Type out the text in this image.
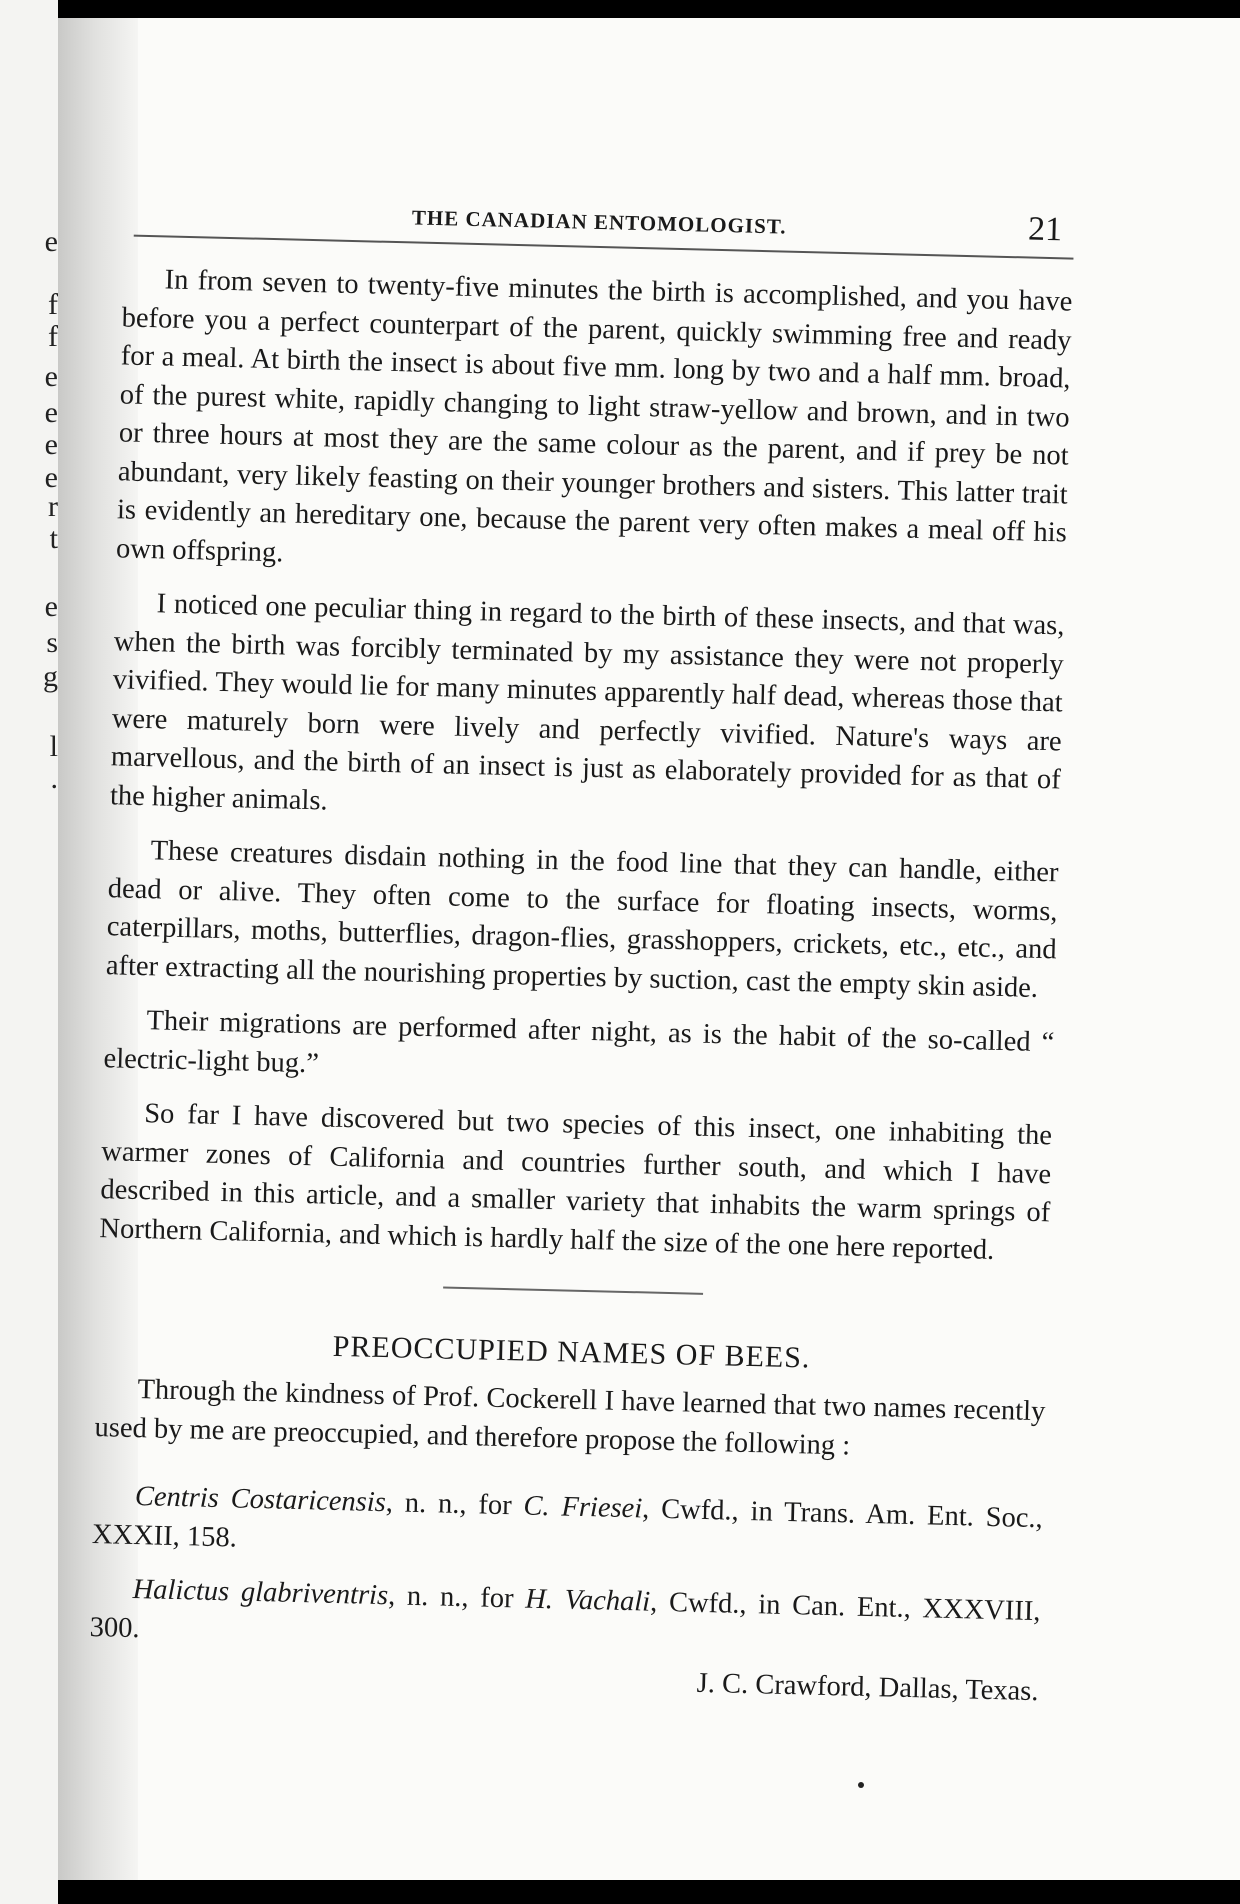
e
f
f
e
e
e
e
r
t
e
s
g
l
.
THE CANADIAN ENTOMOLOGIST.	21

In from seven to twenty-five minutes the birth is accomplished, and you have before you a perfect counterpart of the parent, quickly swimming free and ready for a meal. At birth the insect is about five mm. long by two and a half mm. broad, of the purest white, rapidly changing to light straw-yellow and brown, and in two or three hours at most they are the same colour as the parent, and if prey be not abundant, very likely feasting on their younger brothers and sisters. This latter trait is evidently an hereditary one, because the parent very often makes a meal off his own offspring.

I noticed one peculiar thing in regard to the birth of these insects, and that was, when the birth was forcibly terminated by my assistance they were not properly vivified. They would lie for many minutes apparently half dead, whereas those that were maturely born were lively and perfectly vivified. Nature's ways are marvellous, and the birth of an insect is just as elaborately provided for as that of the higher animals.

These creatures disdain nothing in the food line that they can handle, either dead or alive. They often come to the surface for floating insects, worms, caterpillars, moths, butterflies, dragon-flies, grasshoppers, crickets, etc., etc., and after extracting all the nourishing properties by suction, cast the empty skin aside.

Their migrations are performed after night, as is the habit of the so-called “ electric-light bug.”

So far I have discovered but two species of this insect, one inhabiting the warmer zones of California and countries further south, and which I have described in this article, and a smaller variety that inhabits the warm springs of Northern California, and which is hardly half the size of the one here reported.

PREOCCUPIED NAMES OF BEES.

Through the kindness of Prof. Cockerell I have learned that two names recently used by me are preoccupied, and therefore propose the following :

Centris Costaricensis, n. n., for C. Friesei, Cwfd., in Trans. Am. Ent. Soc., XXXII, 158.

Halictus glabriventris, n. n., for H. Vachali, Cwfd., in Can. Ent., XXXVIII, 300.

J. C. Crawford, Dallas, Texas.
